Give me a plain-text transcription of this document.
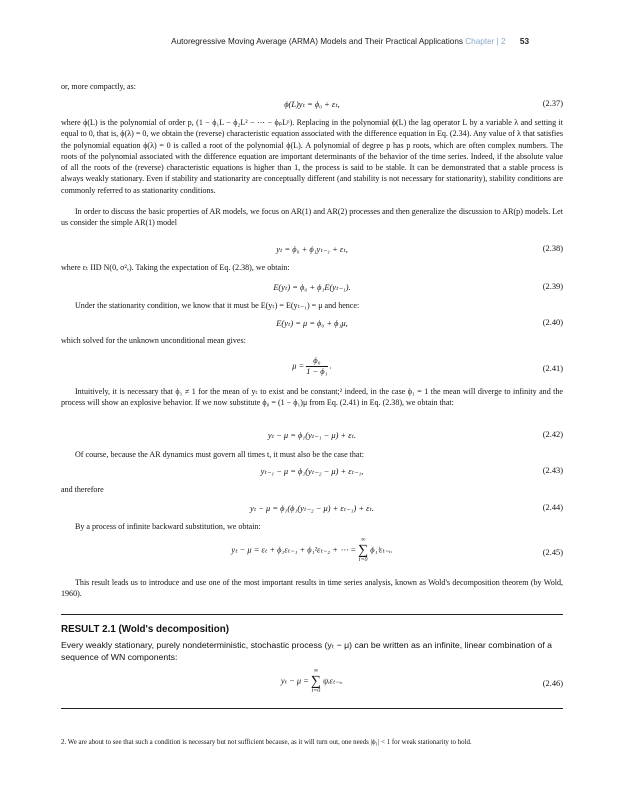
Autoregressive Moving Average (ARMA) Models and Their Practical Applications Chapter | 2 53
or, more compactly, as:
ϕ(L)yₜ = ϕ₀ + εₜ,	(2.37)
where ϕ(L) is the polynomial of order p, (1 − ϕ₁L − ϕ₂L² − ⋯ − ϕₚLᵖ). Replacing in the polynomial ϕ(L) the lag operator L by a variable λ and setting it equal to 0, that is, ϕ(λ) = 0, we obtain the (reverse) characteristic equation associated with the difference equation in Eq. (2.34). Any value of λ that satisfies the polynomial equation ϕ(λ) = 0 is called a root of the polynomial ϕ(L). A polynomial of degree p has p roots, which are often complex numbers. The roots of the polynomial associated with the difference equation are important determinants of the behavior of the time series. Indeed, if the absolute value of all the roots of the (reverse) characteristic equations is higher than 1, the process is said to be stable. It can be demonstrated that a stable process is always weakly stationary. Even if stability and stationarity are conceptually different (and stability is not necessary for stationarity), stability conditions are commonly referred to as stationarity conditions.
In order to discuss the basic properties of AR models, we focus on AR(1) and AR(2) processes and then generalize the discussion to AR(p) models. Let us consider the simple AR(1) model
yₜ = ϕ₀ + ϕ₁yₜ₋₁ + εₜ,	(2.38)
where εₜ IID N(0, σ²ₑ). Taking the expectation of Eq. (2.38), we obtain:
E(yₜ) = ϕ₀ + ϕ₁E(yₜ₋₁).	(2.39)
Under the stationarity condition, we know that it must be E(yₜ) = E(yₜ₋₁) = μ and hence:
E(yₜ) = μ = ϕ₀ + ϕ₁μ,	(2.40)
which solved for the unknown unconditional mean gives:
$\mu = \frac{\text{ϕ₀}}{\text{1 − ϕ₁}}$ .	(2.41)
Intuitively, it is necessary that ϕ₁ ≠ 1 for the mean of yₜ to exist and be constant;² indeed, in the case ϕ₁ = 1 the mean will diverge to infinity and the process will show an explosive behavior. If we now substitute ϕ₀ = (1 − ϕ₁)μ from Eq. (2.41) in Eq. (2.38), we obtain that:
yₜ − μ = ϕ₁(yₜ₋₁ − μ) + εₜ.	(2.42)
Of course, because the AR dynamics must govern all times t, it must also be the case that:
yₜ₋₁ − μ = ϕ₁(yₜ₋₂ − μ) + εₜ₋₁,	(2.43)
and therefore
yₜ − μ = ϕ₁(ϕ₁(yₜ₋₂ − μ) + εₜ₋₁) + εₜ.	(2.44)
By a process of infinite backward substitution, we obtain:
yₜ − μ = εₜ + ϕ₁εₜ₋₁ + ϕ₁²εₜ₋₂ + ⋯ =
∞
∑
i=0
ϕ₁ⁱεₜ₋ᵢ.	(2.45)
This result leads us to introduce and use one of the most important results in time series analysis, known as Wold's decomposition theorem (by Wold, 1960).
RESULT 2.1 (Wold's decomposition)
Every weakly stationary, purely nondeterministic, stochastic process (yₜ − μ) can be written as an infinite, linear combination of a sequence of WN components:
yₜ − μ =
∞
∑
i=0
ψᵢεₜ₋ᵢ.	(2.46)
2. We are about to see that such a condition is necessary but not sufficient because, as it will turn out, one needs |ϕ₁| < 1 for weak stationarity to hold.
